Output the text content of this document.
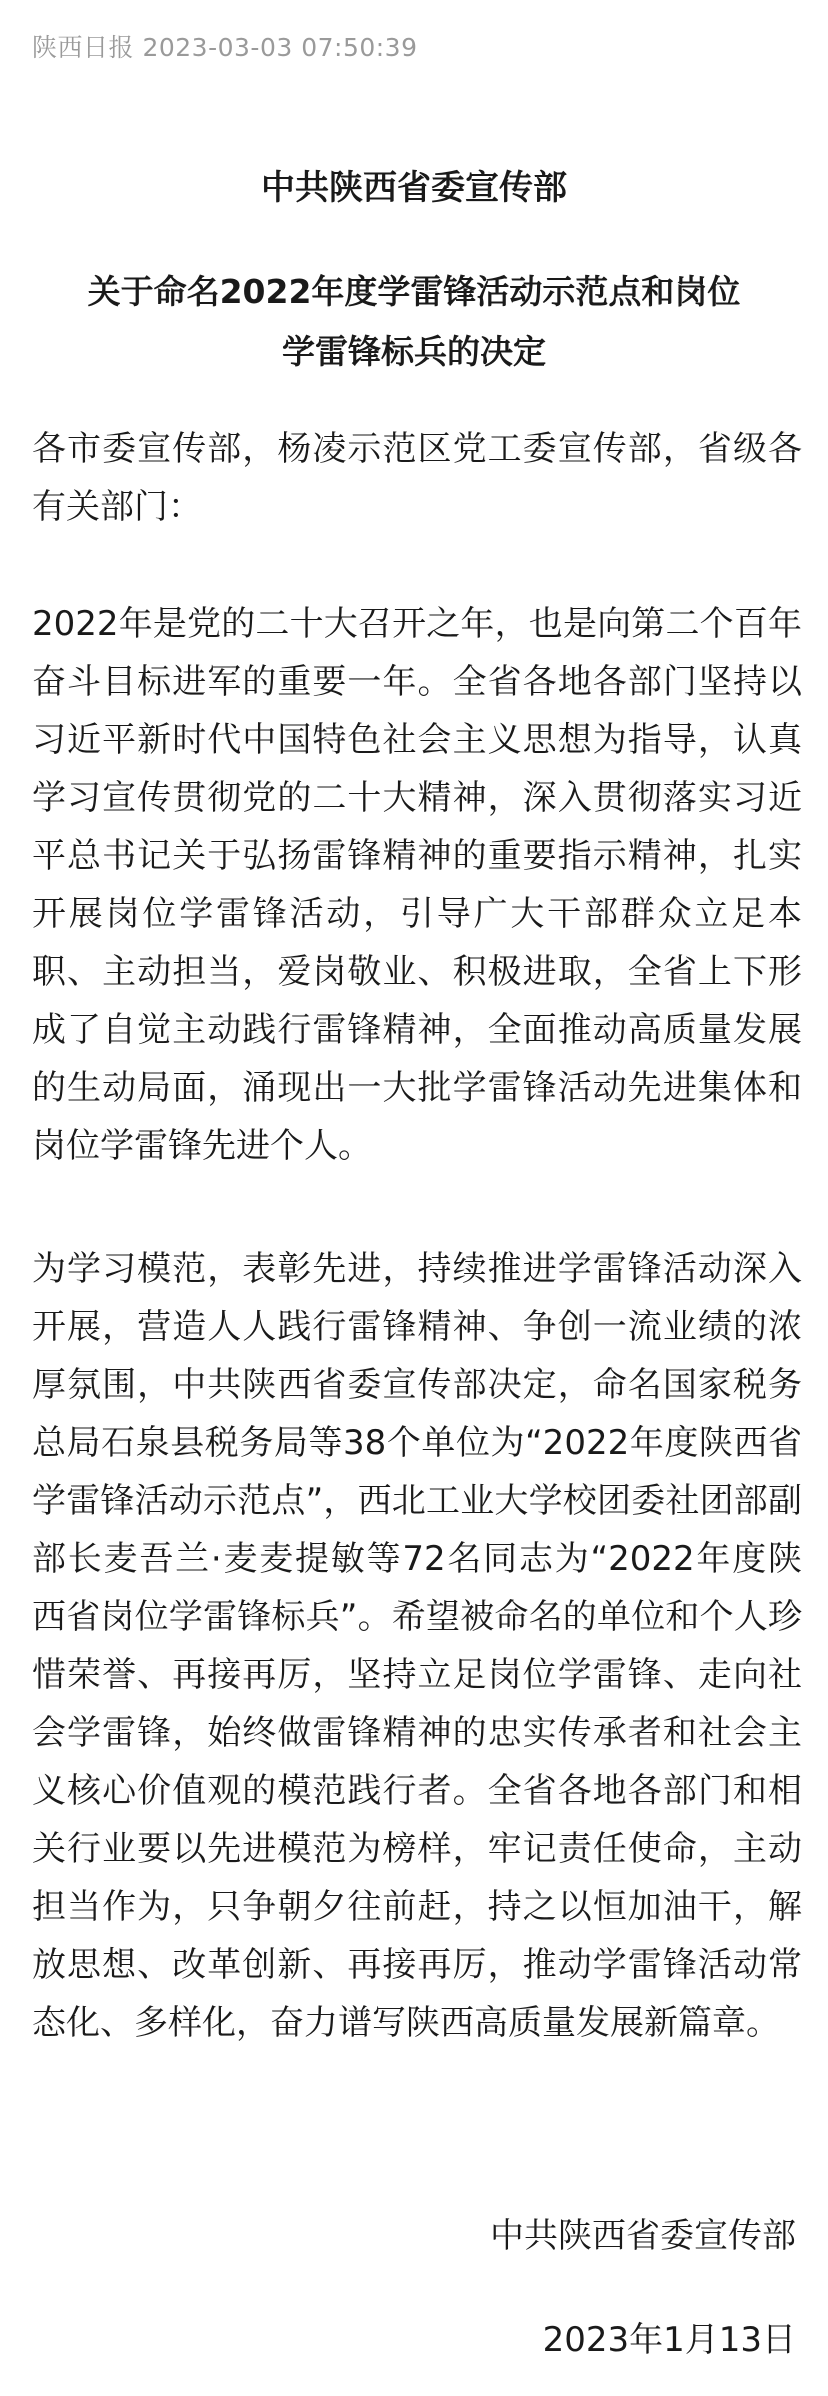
陕西日报 2023-03-03 07:50:39
中共陕西省委宣传部
关于命名2022年度学雷锋活动示范点和岗位
学雷锋标兵的决定

各市委宣传部，杨凌示范区党工委宣传部，省级各有关部门：

2022年是党的二十大召开之年，也是向第二个百年奋斗目标进军的重要一年。全省各地各部门坚持以习近平新时代中国特色社会主义思想为指导，认真学习宣传贯彻党的二十大精神，深入贯彻落实习近平总书记关于弘扬雷锋精神的重要指示精神，扎实开展岗位学雷锋活动，引导广大干部群众立足本职、主动担当，爱岗敬业、积极进取，全省上下形成了自觉主动践行雷锋精神，全面推动高质量发展的生动局面，涌现出一大批学雷锋活动先进集体和岗位学雷锋先进个人。

为学习模范，表彰先进，持续推进学雷锋活动深入开展，营造人人践行雷锋精神、争创一流业绩的浓厚氛围，中共陕西省委宣传部决定，命名国家税务总局石泉县税务局等38个单位为“2022年度陕西省学雷锋活动示范点”，西北工业大学校团委社团部副部长麦吾兰·麦麦提敏等72名同志为“2022年度陕西省岗位学雷锋标兵”。希望被命名的单位和个人珍惜荣誉、再接再厉，坚持立足岗位学雷锋、走向社会学雷锋，始终做雷锋精神的忠实传承者和社会主义核心价值观的模范践行者。全省各地各部门和相关行业要以先进模范为榜样，牢记责任使命，主动担当作为，只争朝夕往前赶，持之以恒加油干，解放思想、改革创新、再接再厉，推动学雷锋活动常态化、多样化，奋力谱写陕西高质量发展新篇章。

中共陕西省委宣传部
2023年1月13日
